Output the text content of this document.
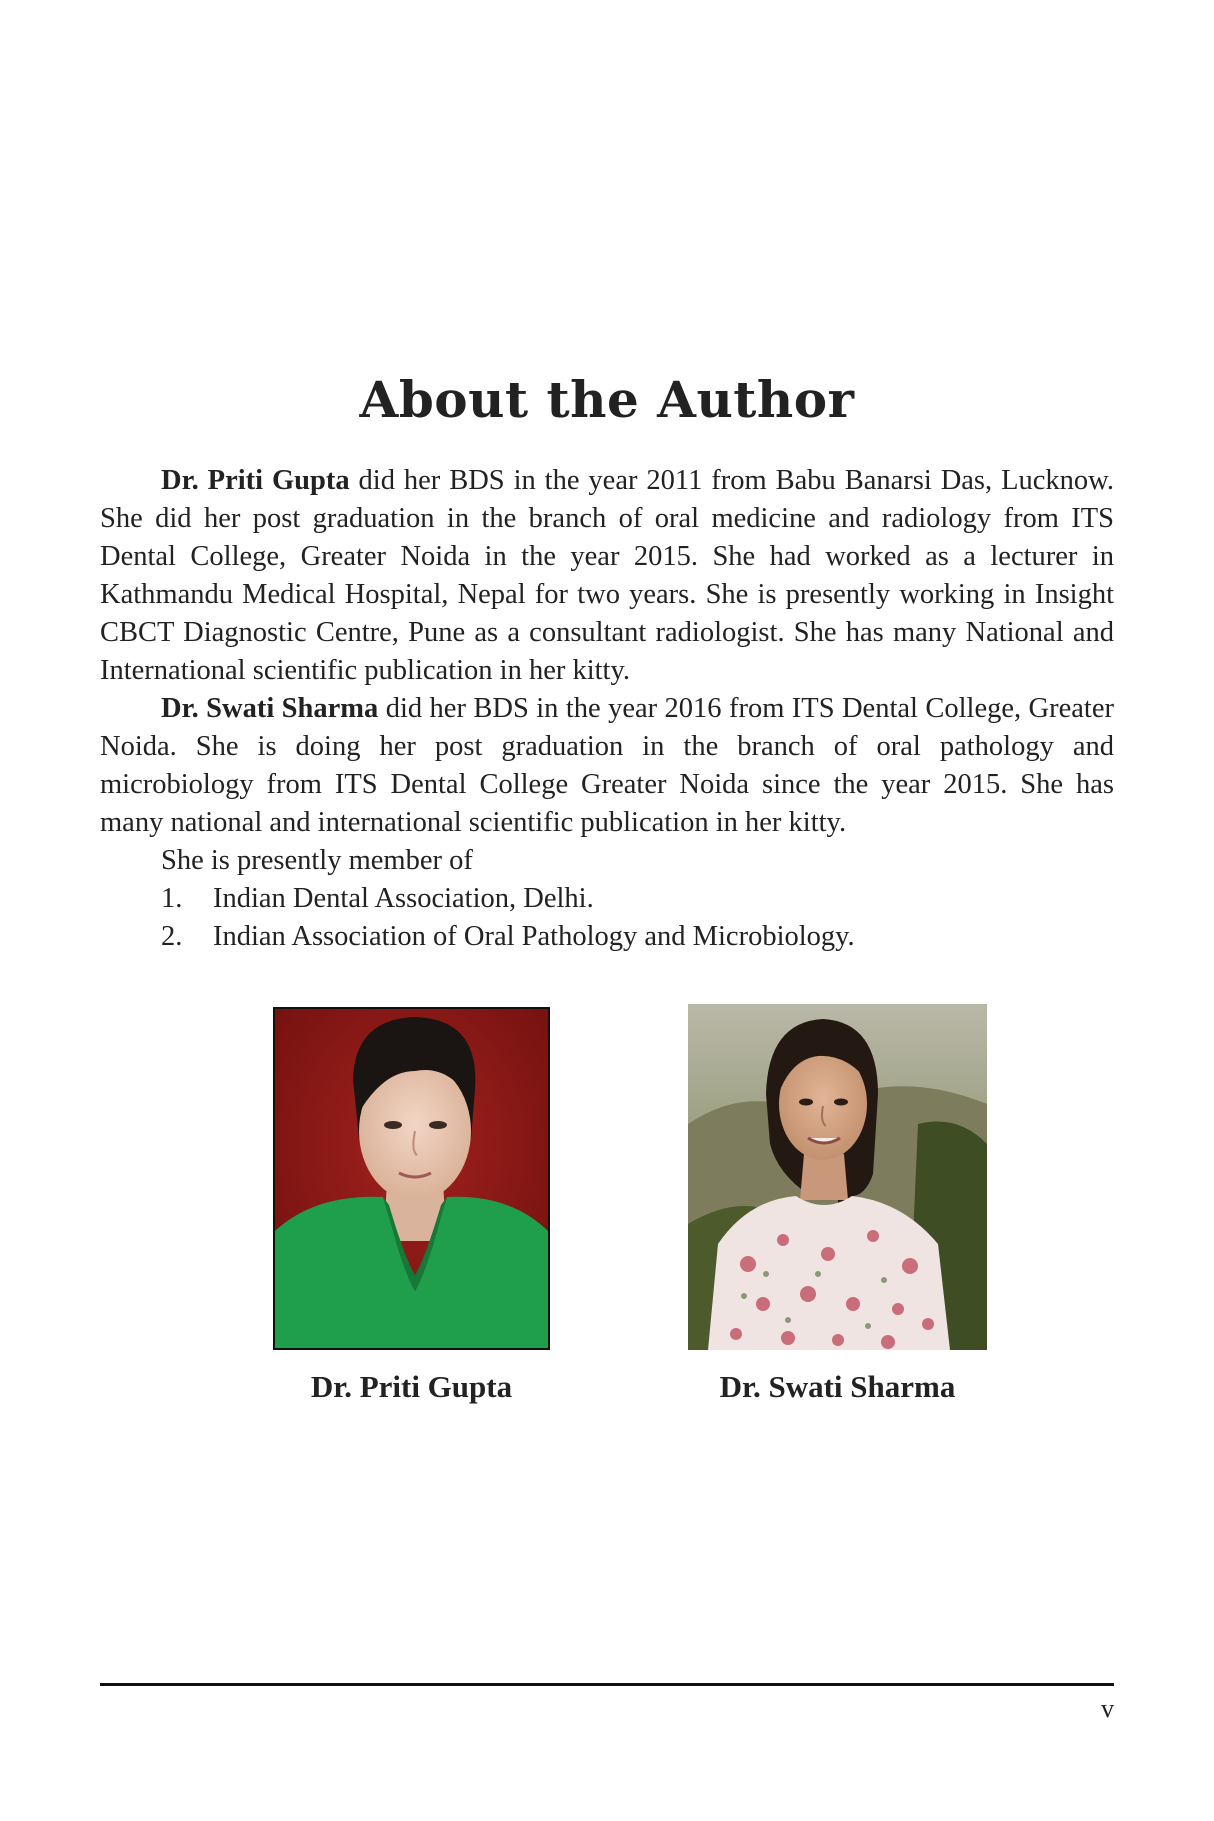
About the Author

Dr. Priti Gupta did her BDS in the year 2011 from Babu Banarsi Das, Lucknow. She did her post graduation in the branch of oral medicine and radiology from ITS Dental College, Greater Noida in the year 2015. She had worked as a lecturer in Kathmandu Medical Hospital, Nepal for two years. She is presently working in Insight CBCT Diagnostic Centre, Pune as a consultant radiologist. She has many National and International scientific publication in her kitty.

Dr. Swati Sharma did her BDS in the year 2016 from ITS Dental College, Greater Noida. She is doing her post graduation in the branch of oral pathology and microbiology from ITS Dental College Greater Noida since the year 2015. She has many national and international scientific publication in her kitty.

She is presently member of

1.	Indian Dental Association, Delhi.
2.	Indian Association of Oral Pathology and Microbiology.
Dr. Priti Gupta	Dr. Swati Sharma
v
